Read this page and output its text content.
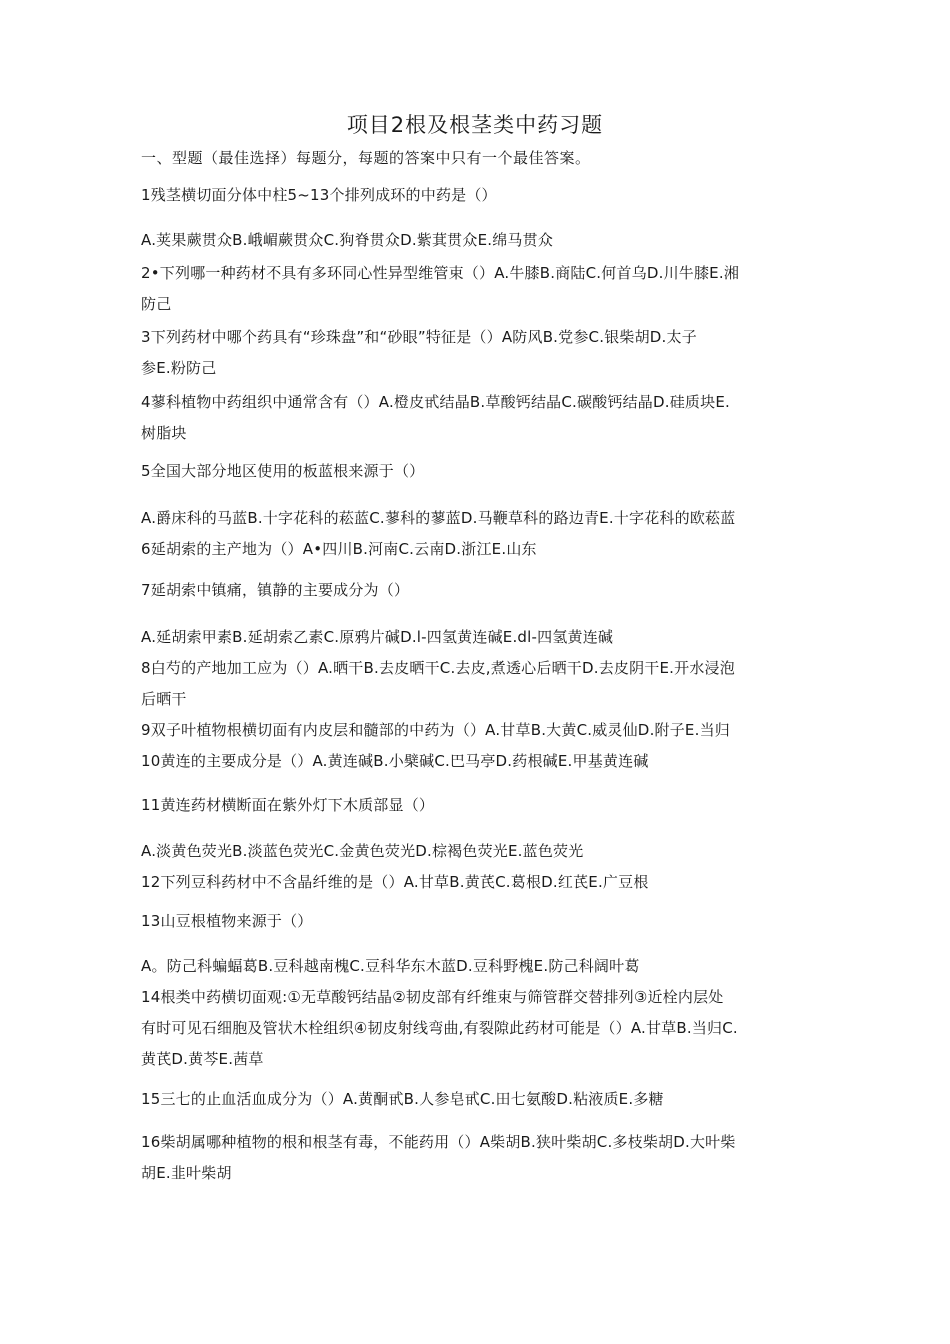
项目2根及根茎类中药习题
一、型题（最佳选择）每题分，每题的答案中只有一个最佳答案。
1残茎横切面分体中柱5~13个排列成环的中药是（）
A.荚果蕨贯众B.峨嵋蕨贯众C.狗脊贯众D.紫萁贯众E.绵马贯众
2•下列哪一种药材不具有多环同心性异型维管束（）A.牛膝B.商陆C.何首乌D.川牛膝E.湘
防己
3下列药材中哪个药具有“珍珠盘”和“砂眼”特征是（）A防风B.党参C.银柴胡D.太子
参E.粉防己
4蓼科植物中药组织中通常含有（）A.橙皮甙结晶B.草酸钙结晶C.碳酸钙结晶D.硅质块E.
树脂块
5全国大部分地区使用的板蓝根来源于（）
A.爵床科的马蓝B.十字花科的菘蓝C.蓼科的蓼蓝D.马鞭草科的路边青E.十字花科的欧菘蓝
6延胡索的主产地为（）A•四川B.河南C.云南D.浙江E.山东
7延胡索中镇痛，镇静的主要成分为（）
A.延胡索甲素B.延胡索乙素C.原鸦片碱D.l-四氢黄连碱E.dl-四氢黄连碱
8白芍的产地加工应为（）A.晒干B.去皮晒干C.去皮,煮透心后晒干D.去皮阴干E.开水浸泡
后晒干
9双子叶植物根横切面有内皮层和髓部的中药为（）A.甘草B.大黄C.威灵仙D.附子E.当归
10黄连的主要成分是（）A.黄连碱B.小檗碱C.巴马亭D.药根碱E.甲基黄连碱
11黄连药材横断面在紫外灯下木质部显（）
A.淡黄色荧光B.淡蓝色荧光C.金黄色荧光D.棕褐色荧光E.蓝色荧光
12下列豆科药材中不含晶纤维的是（）A.甘草B.黄芪C.葛根D.红芪E.广豆根
13山豆根植物来源于（）
A。防己科蝙蝠葛B.豆科越南槐C.豆科华东木蓝D.豆科野槐E.防己科阔叶葛
14根类中药横切面观:①无草酸钙结晶②韧皮部有纤维束与筛管群交替排列③近栓内层处
有时可见石细胞及管状木栓组织④韧皮射线弯曲,有裂隙此药材可能是（）A.甘草B.当归C.
黄芪D.黄芩E.茜草
15三七的止血活血成分为（）A.黄酮甙B.人参皂甙C.田七氨酸D.粘液质E.多糖
16柴胡属哪种植物的根和根茎有毒，不能药用（）A柴胡B.狭叶柴胡C.多枝柴胡D.大叶柴
胡E.韭叶柴胡
